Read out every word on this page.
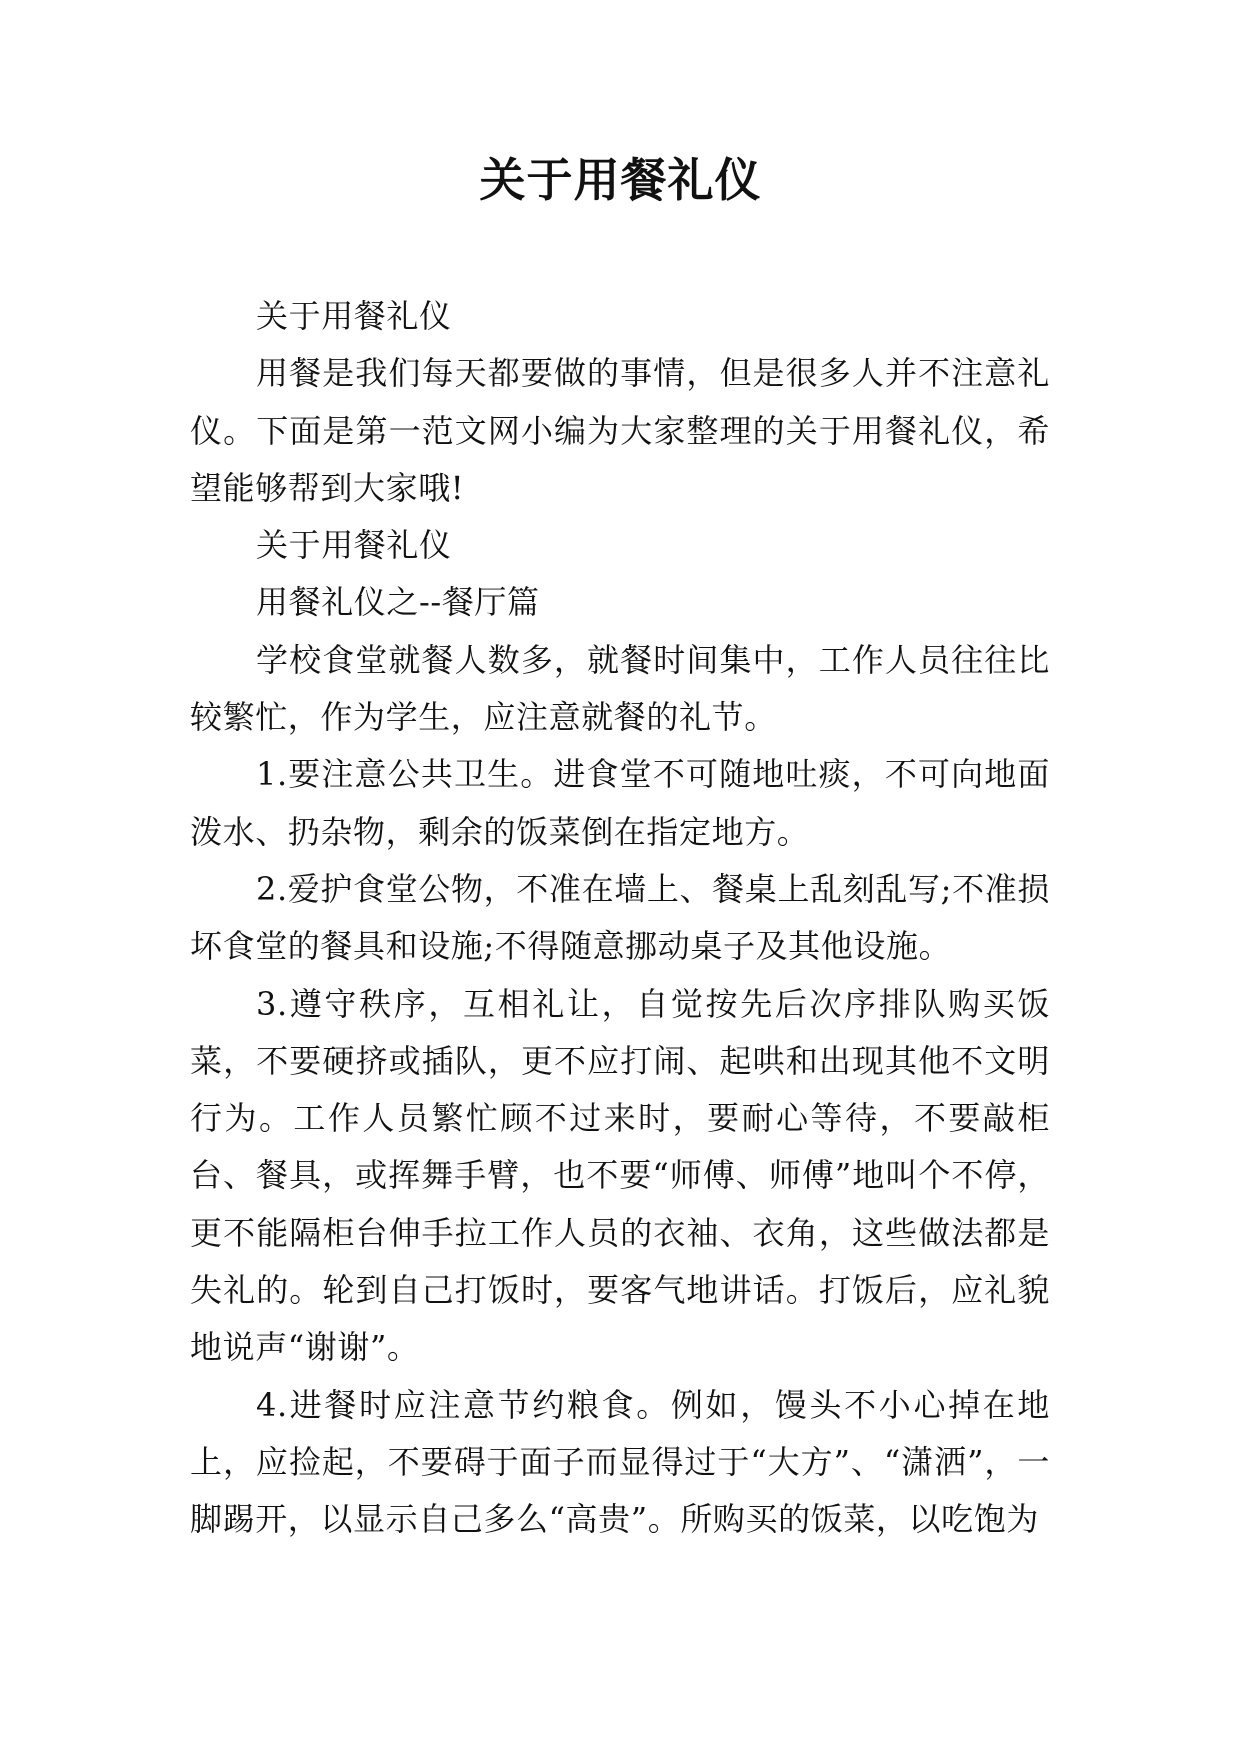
关于用餐礼仪

关于用餐礼仪

用餐是我们每天都要做的事情，但是很多人并不注意礼仪。下面是第一范文网小编为大家整理的关于用餐礼仪，希望能够帮到大家哦!

关于用餐礼仪

用餐礼仪之--餐厅篇

学校食堂就餐人数多，就餐时间集中，工作人员往往比较繁忙，作为学生，应注意就餐的礼节。

1.要注意公共卫生。进食堂不可随地吐痰，不可向地面泼水、扔杂物，剩余的饭菜倒在指定地方。

2.爱护食堂公物，不准在墙上、餐桌上乱刻乱写;不准损坏食堂的餐具和设施;不得随意挪动桌子及其他设施。

3.遵守秩序，互相礼让，自觉按先后次序排队购买饭菜，不要硬挤或插队，更不应打闹、起哄和出现其他不文明行为。工作人员繁忙顾不过来时，要耐心等待，不要敲柜台、餐具，或挥舞手臂，也不要“师傅、师傅”地叫个不停，更不能隔柜台伸手拉工作人员的衣袖、衣角，这些做法都是失礼的。轮到自己打饭时，要客气地讲话。打饭后，应礼貌地说声“谢谢”。

4.进餐时应注意节约粮食。例如，馒头不小心掉在地上，应捡起，不要碍于面子而显得过于“大方”、“潇洒”，一脚踢开，以显示自己多么“高贵”。所购买的饭菜，以吃饱为
